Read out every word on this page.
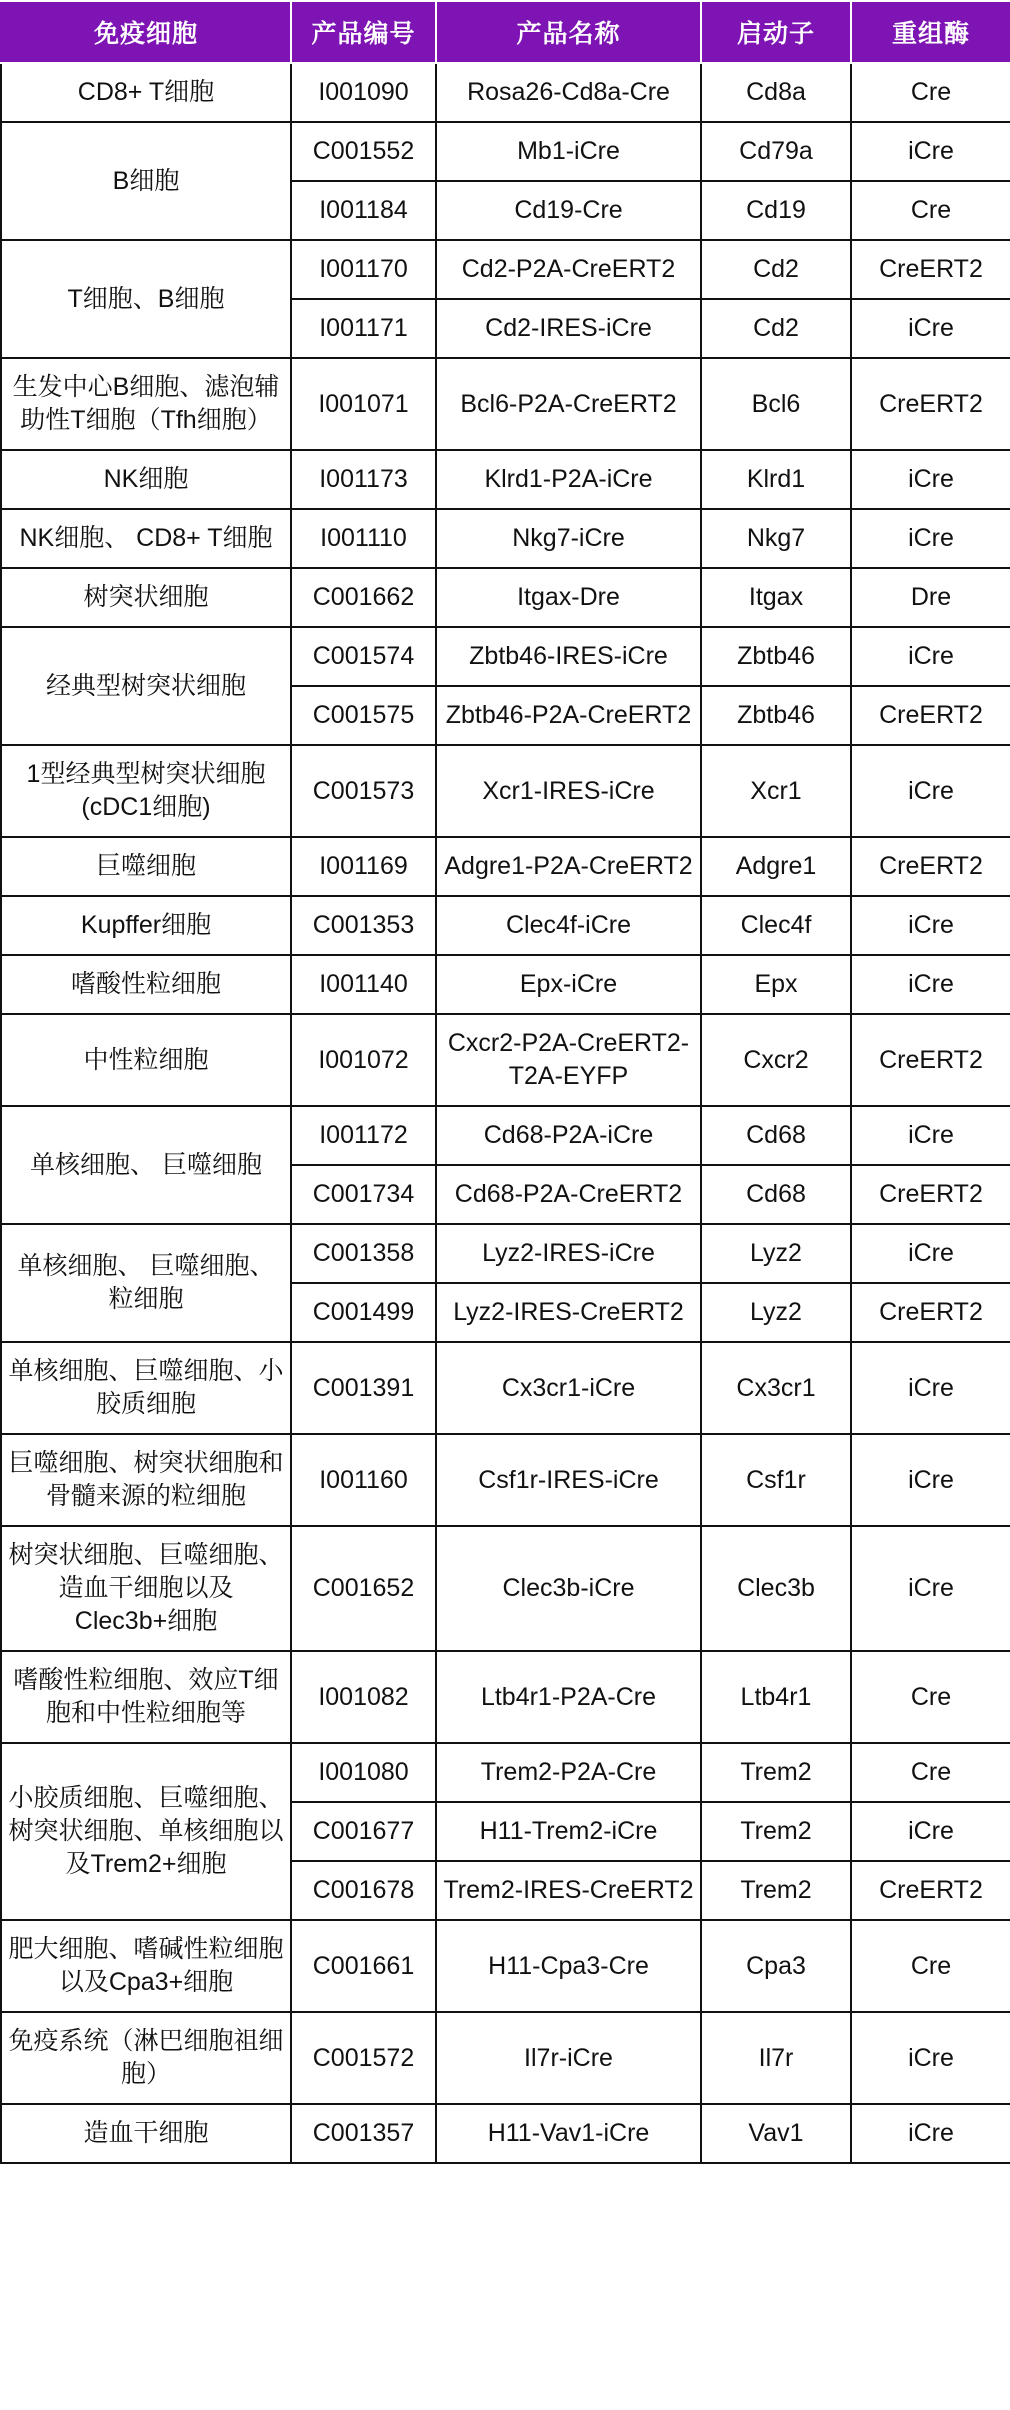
免疫细胞	产品编号	产品名称	启动子	重组酶
CD8+ T细胞	I001090	Rosa26-Cd8a-Cre	Cd8a	Cre
B细胞	C001552	Mb1-iCre	Cd79a	iCre
	I001184	Cd19-Cre	Cd19	Cre
T细胞、B细胞	I001170	Cd2-P2A-CreERT2	Cd2	CreERT2
	I001171	Cd2-IRES-iCre	Cd2	iCre
生发中心B细胞、滤泡辅助性T细胞（Tfh细胞）	I001071	Bcl6-P2A-CreERT2	Bcl6	CreERT2
NK细胞	I001173	Klrd1-P2A-iCre	Klrd1	iCre
NK细胞、 CD8+ T细胞	I001110	Nkg7-iCre	Nkg7	iCre
树突状细胞	C001662	Itgax-Dre	Itgax	Dre
经典型树突状细胞	C001574	Zbtb46-IRES-iCre	Zbtb46	iCre
	C001575	Zbtb46-P2A-CreERT2	Zbtb46	CreERT2
1型经典型树突状细胞(cDC1细胞)	C001573	Xcr1-IRES-iCre	Xcr1	iCre
巨噬细胞	I001169	Adgre1-P2A-CreERT2	Adgre1	CreERT2
Kupffer细胞	C001353	Clec4f-iCre	Clec4f	iCre
嗜酸性粒细胞	I001140	Epx-iCre	Epx	iCre
中性粒细胞	I001072	Cxcr2-P2A-CreERT2-T2A-EYFP	Cxcr2	CreERT2
单核细胞、 巨噬细胞	I001172	Cd68-P2A-iCre	Cd68	iCre
	C001734	Cd68-P2A-CreERT2	Cd68	CreERT2
单核细胞、 巨噬细胞、 粒细胞	C001358	Lyz2-IRES-iCre	Lyz2	iCre
	C001499	Lyz2-IRES-CreERT2	Lyz2	CreERT2
单核细胞、巨噬细胞、小胶质细胞	C001391	Cx3cr1-iCre	Cx3cr1	iCre
巨噬细胞、树突状细胞和骨髓来源的粒细胞	I001160	Csf1r-IRES-iCre	Csf1r	iCre
树突状细胞、巨噬细胞、造血干细胞以及Clec3b+细胞	C001652	Clec3b-iCre	Clec3b	iCre
嗜酸性粒细胞、效应T细胞和中性粒细胞等	I001082	Ltb4r1-P2A-Cre	Ltb4r1	Cre
小胶质细胞、巨噬细胞、树突状细胞、单核细胞以及Trem2+细胞	I001080	Trem2-P2A-Cre	Trem2	Cre
	C001677	H11-Trem2-iCre	Trem2	iCre
	C001678	Trem2-IRES-CreERT2	Trem2	CreERT2
肥大细胞、嗜碱性粒细胞以及Cpa3+细胞	C001661	H11-Cpa3-Cre	Cpa3	Cre
免疫系统（淋巴细胞祖细胞）	C001572	Il7r-iCre	Il7r	iCre
造血干细胞	C001357	H11-Vav1-iCre	Vav1	iCre
